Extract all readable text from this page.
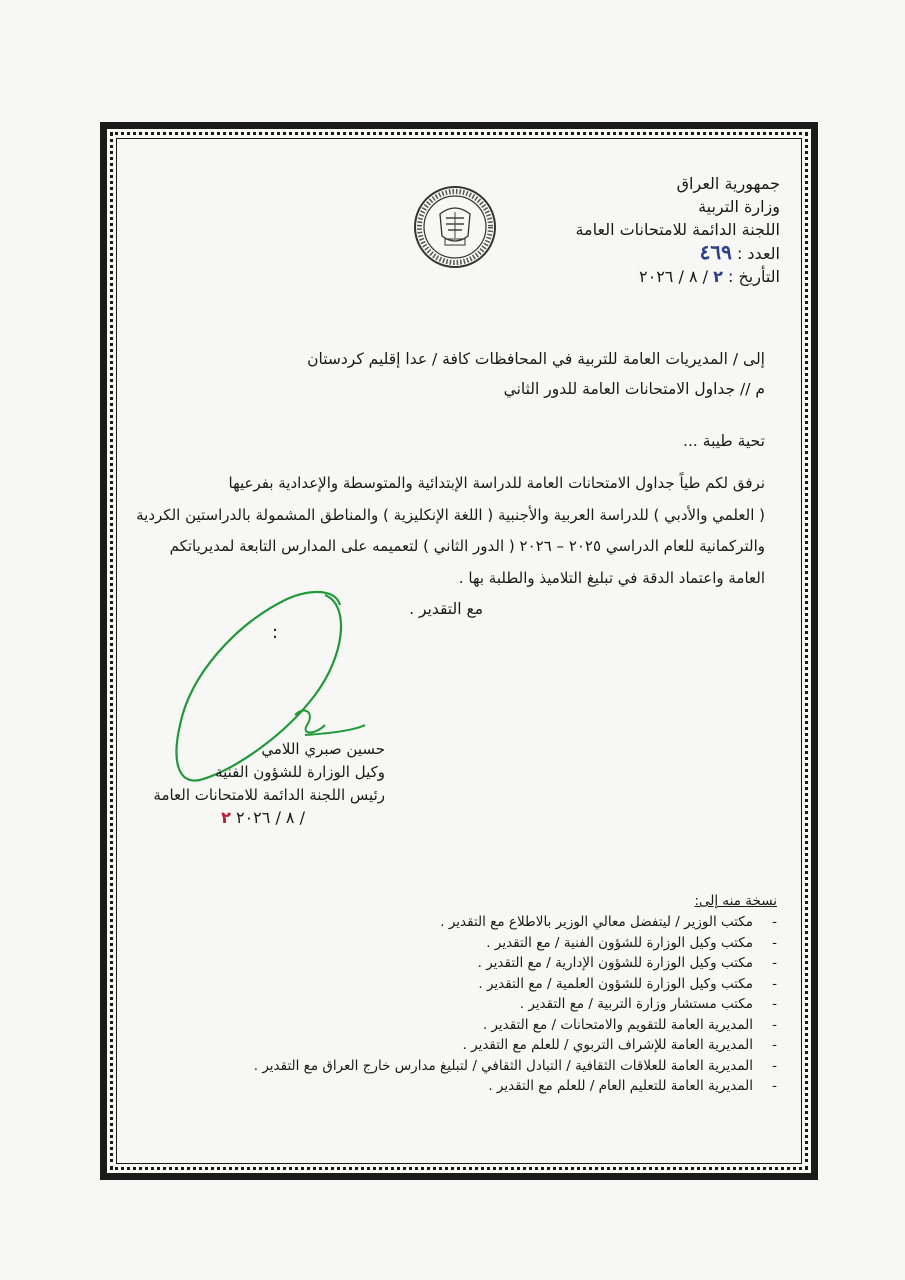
جمهورية العراق
وزارة التربية
اللجنة الدائمة للامتحانات العامة
العدد : ٤٦٩
التأريخ : ٢ / ٨ / ٢٠٢٦
إلى / المديريات العامة للتربية في المحافظات كافة / عدا إقليم كردستان
م // جداول الامتحانات العامة للدور الثاني
تحية طيبة ...
نرفق لكم طياً جداول الامتحانات العامة للدراسة الإبتدائية والمتوسطة والإعدادية بفرعيها
( العلمي والأدبي ) للدراسة العربية والأجنبية ( اللغة الإنكليزية ) والمناطق المشمولة بالدراستين الكردية
والتركمانية للعام الدراسي ٢٠٢٥ – ٢٠٢٦ ( الدور الثاني ) لتعميمه على المدارس التابعة لمديرياتكم
العامة واعتماد الدقة في تبليغ التلاميذ والطلبة بها .
مع التقدير .
:
حسين صبري اللامي
وكيل الوزارة للشؤون الفنية
رئيس اللجنة الدائمة للامتحانات العامة
/ ٨ / ٢٠٢٦ ٢
نسخة منه إلى:
-
مكتب الوزير / ليتفضل معالي الوزير بالاطلاع مع التقدير .
-
مكتب وكيل الوزارة للشؤون الفنية / مع التقدير .
-
مكتب وكيل الوزارة للشؤون الإدارية / مع التقدير .
-
مكتب وكيل الوزارة للشؤون العلمية / مع التقدير .
-
مكتب مستشار وزارة التربية / مع التقدير .
-
المديرية العامة للتقويم والامتحانات / مع التقدير .
-
المديرية العامة للإشراف التربوي / للعلم مع التقدير .
-
المديرية العامة للعلاقات الثقافية / التبادل الثقافي / لتبليغ مدارس خارج العراق مع التقدير .
-
المديرية العامة للتعليم العام / للعلم مع التقدير .
